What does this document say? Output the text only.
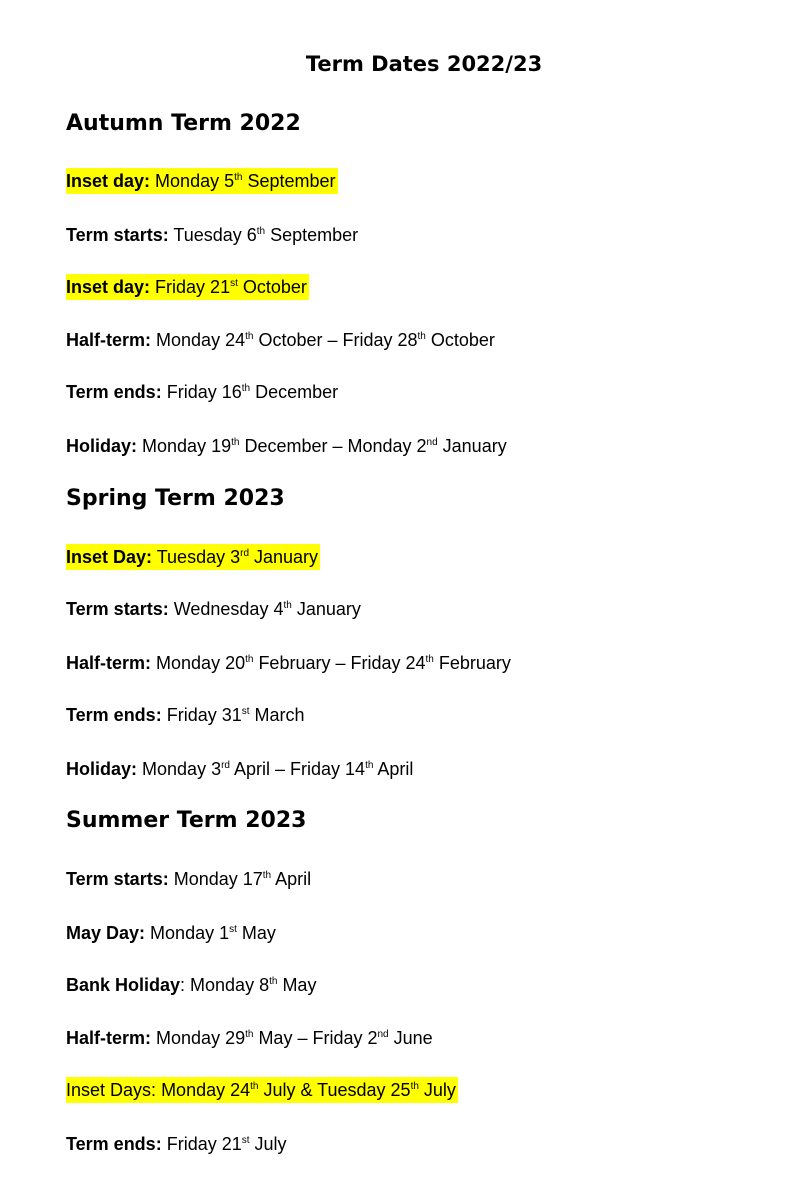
Term Dates 2022/23
Autumn Term 2022
Inset day: Monday 5th September
Term starts: Tuesday 6th September
Inset day: Friday 21st October
Half-term: Monday 24th October – Friday 28th October
Term ends: Friday 16th December
Holiday: Monday 19th December – Monday 2nd January
Spring Term 2023
Inset Day: Tuesday 3rd January
Term starts: Wednesday 4th January
Half-term: Monday 20th February – Friday 24th February
Term ends: Friday 31st March
Holiday: Monday 3rd April – Friday 14th April
Summer Term 2023
Term starts: Monday 17th April
May Day: Monday 1st May
Bank Holiday: Monday 8th May
Half-term: Monday 29th May – Friday 2nd June
Inset Days: Monday 24th July & Tuesday 25th July
Term ends: Friday 21st July
